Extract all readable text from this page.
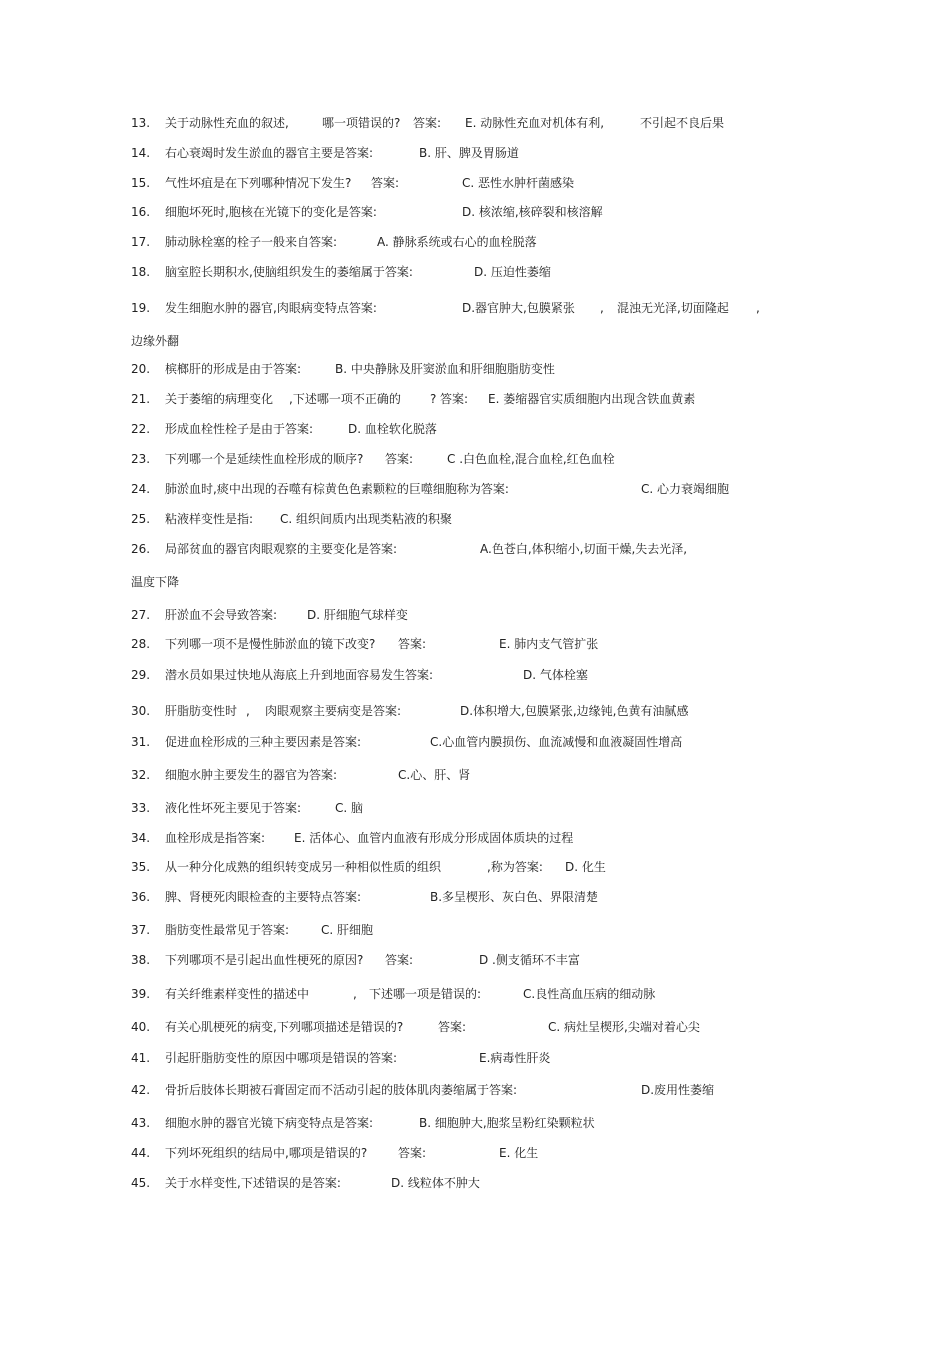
13. 关于动脉性充血的叙述,	哪一项错误的? 答案: E. 动脉性充血对机体有利,	不引起不良后果
14. 右心衰竭时发生淤血的器官主要是答案:	B. 肝、脾及胃肠道
15. 气性坏疽是在下列哪种情况下发生? 答案:	C. 恶性水肿杆菌感染
16. 细胞坏死时,胞核在光镜下的变化是答案:	D. 核浓缩,核碎裂和核溶解
17. 肺动脉栓塞的栓子一般来自答案:	A. 静脉系统或右心的血栓脱落
18. 脑室腔长期积水,使脑组织发生的萎缩属于答案:	D. 压迫性萎缩
19. 发生细胞水肿的器官,肉眼病变特点答案:	D.器官肿大,包膜紧张 , 混浊无光泽,切面隆起 ,
边缘外翻
20. 槟榔肝的形成是由于答案:	B. 中央静脉及肝窦淤血和肝细胞脂肪变性
21. 关于萎缩的病理变化 ,下述哪一项不正确的 ? 答案: E. 萎缩器官实质细胞内出现含铁血黄素
22. 形成血栓性栓子是由于答案:	D. 血栓软化脱落
23. 下列哪一个是延续性血栓形成的顺序? 答案:	C .白色血栓,混合血栓,红色血栓
24. 肺淤血时,痰中出现的吞噬有棕黄色色素颗粒的巨噬细胞称为答案:	C. 心力衰竭细胞
25. 粘液样变性是指: C. 组织间质内出现类粘液的积聚
26. 局部贫血的器官肉眼观察的主要变化是答案:	A.色苍白,体积缩小,切面干燥,失去光泽,
温度下降
27. 肝淤血不会导致答案: D. 肝细胞气球样变
28. 下列哪一项不是慢性肺淤血的镜下改变? 答案:	E. 肺内支气管扩张
29. 潜水员如果过快地从海底上升到地面容易发生答案:	D. 气体栓塞
30. 肝脂肪变性时 , 肉眼观察主要病变是答案:	D.体积增大,包膜紧张,边缘钝,色黄有油腻感
31. 促进血栓形成的三种主要因素是答案:	C.心血管内膜损伤、血流减慢和血液凝固性增高
32. 细胞水肿主要发生的器官为答案:	C.心、肝、肾
33. 液化性坏死主要见于答案:	C. 脑
34. 血栓形成是指答案: E. 活体心、血管内血液有形成分形成固体质块的过程
35. 从一种分化成熟的组织转变成另一种相似性质的组织	,称为答案: D. 化生
36. 脾、肾梗死肉眼检查的主要特点答案:	B.多呈楔形、灰白色、界限清楚
37. 脂肪变性最常见于答案:	C. 肝细胞
38. 下列哪项不是引起出血性梗死的原因? 答案:	D .侧支循环不丰富
39. 有关纤维素样变性的描述中	, 下述哪一项是错误的:	C.良性高血压病的细动脉
40. 有关心肌梗死的病变,下列哪项描述是错误的?	答案:	C. 病灶呈楔形,尖端对着心尖
41. 引起肝脂肪变性的原因中哪项是错误的答案:	E.病毒性肝炎
42. 骨折后肢体长期被石膏固定而不活动引起的肢体肌肉萎缩属于答案:	D.废用性萎缩
43. 细胞水肿的器官光镜下病变特点是答案:	B. 细胞肿大,胞浆呈粉红染颗粒状
44. 下列坏死组织的结局中,哪项是错误的?	答案:	E. 化生
45. 关于水样变性,下述错误的是答案:	D. 线粒体不肿大
